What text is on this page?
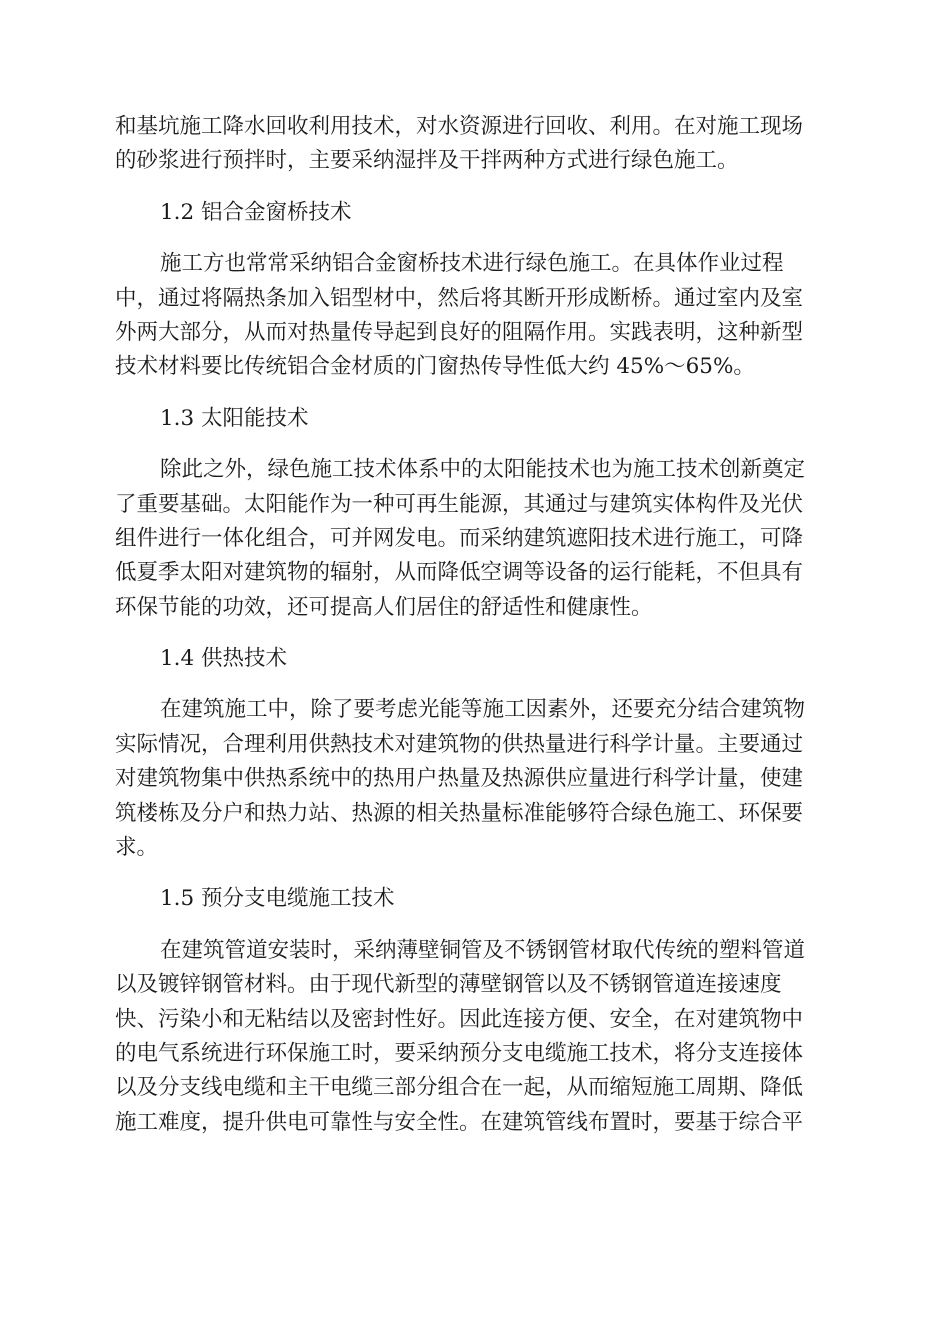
和基坑施工降水回收利用技术，对水资源进行回收、利用。在对施工现场
的砂浆进行预拌时，主要采纳湿拌及干拌两种方式进行绿色施工。
1.2 铝合金窗桥技术
施工方也常常采纳铝合金窗桥技术进行绿色施工。在具体作业过程
中，通过将隔热条加入铝型材中，然后将其断开形成断桥。通过室内及室
外两大部分，从而对热量传导起到良好的阻隔作用。实践表明，这种新型
技术材料要比传统铝合金材质的门窗热传导性低大约 45%～65%。
1.3 太阳能技术
除此之外，绿色施工技术体系中的太阳能技术也为施工技术创新奠定
了重要基础。太阳能作为一种可再生能源，其通过与建筑实体构件及光伏
组件进行一体化组合，可并网发电。而采纳建筑遮阳技术进行施工，可降
低夏季太阳对建筑物的辐射，从而降低空调等设备的运行能耗，不但具有
环保节能的功效，还可提高人们居住的舒适性和健康性。
1.4 供热技术
在建筑施工中，除了要考虑光能等施工因素外，还要充分结合建筑物
实际情况，合理利用供熱技术对建筑物的供热量进行科学计量。主要通过
对建筑物集中供热系统中的热用户热量及热源供应量进行科学计量，使建
筑楼栋及分户和热力站、热源的相关热量标准能够符合绿色施工、环保要
求。
1.5 预分支电缆施工技术
在建筑管道安装时，采纳薄壁铜管及不锈钢管材取代传统的塑料管道
以及镀锌钢管材料。由于现代新型的薄壁钢管以及不锈钢管道连接速度
快、污染小和无粘结以及密封性好。因此连接方便、安全，在对建筑物中
的电气系统进行环保施工时，要采纳预分支电缆施工技术，将分支连接体
以及分支线电缆和主干电缆三部分组合在一起，从而缩短施工周期、降低
施工难度，提升供电可靠性与安全性。在建筑管线布置时，要基于综合平
